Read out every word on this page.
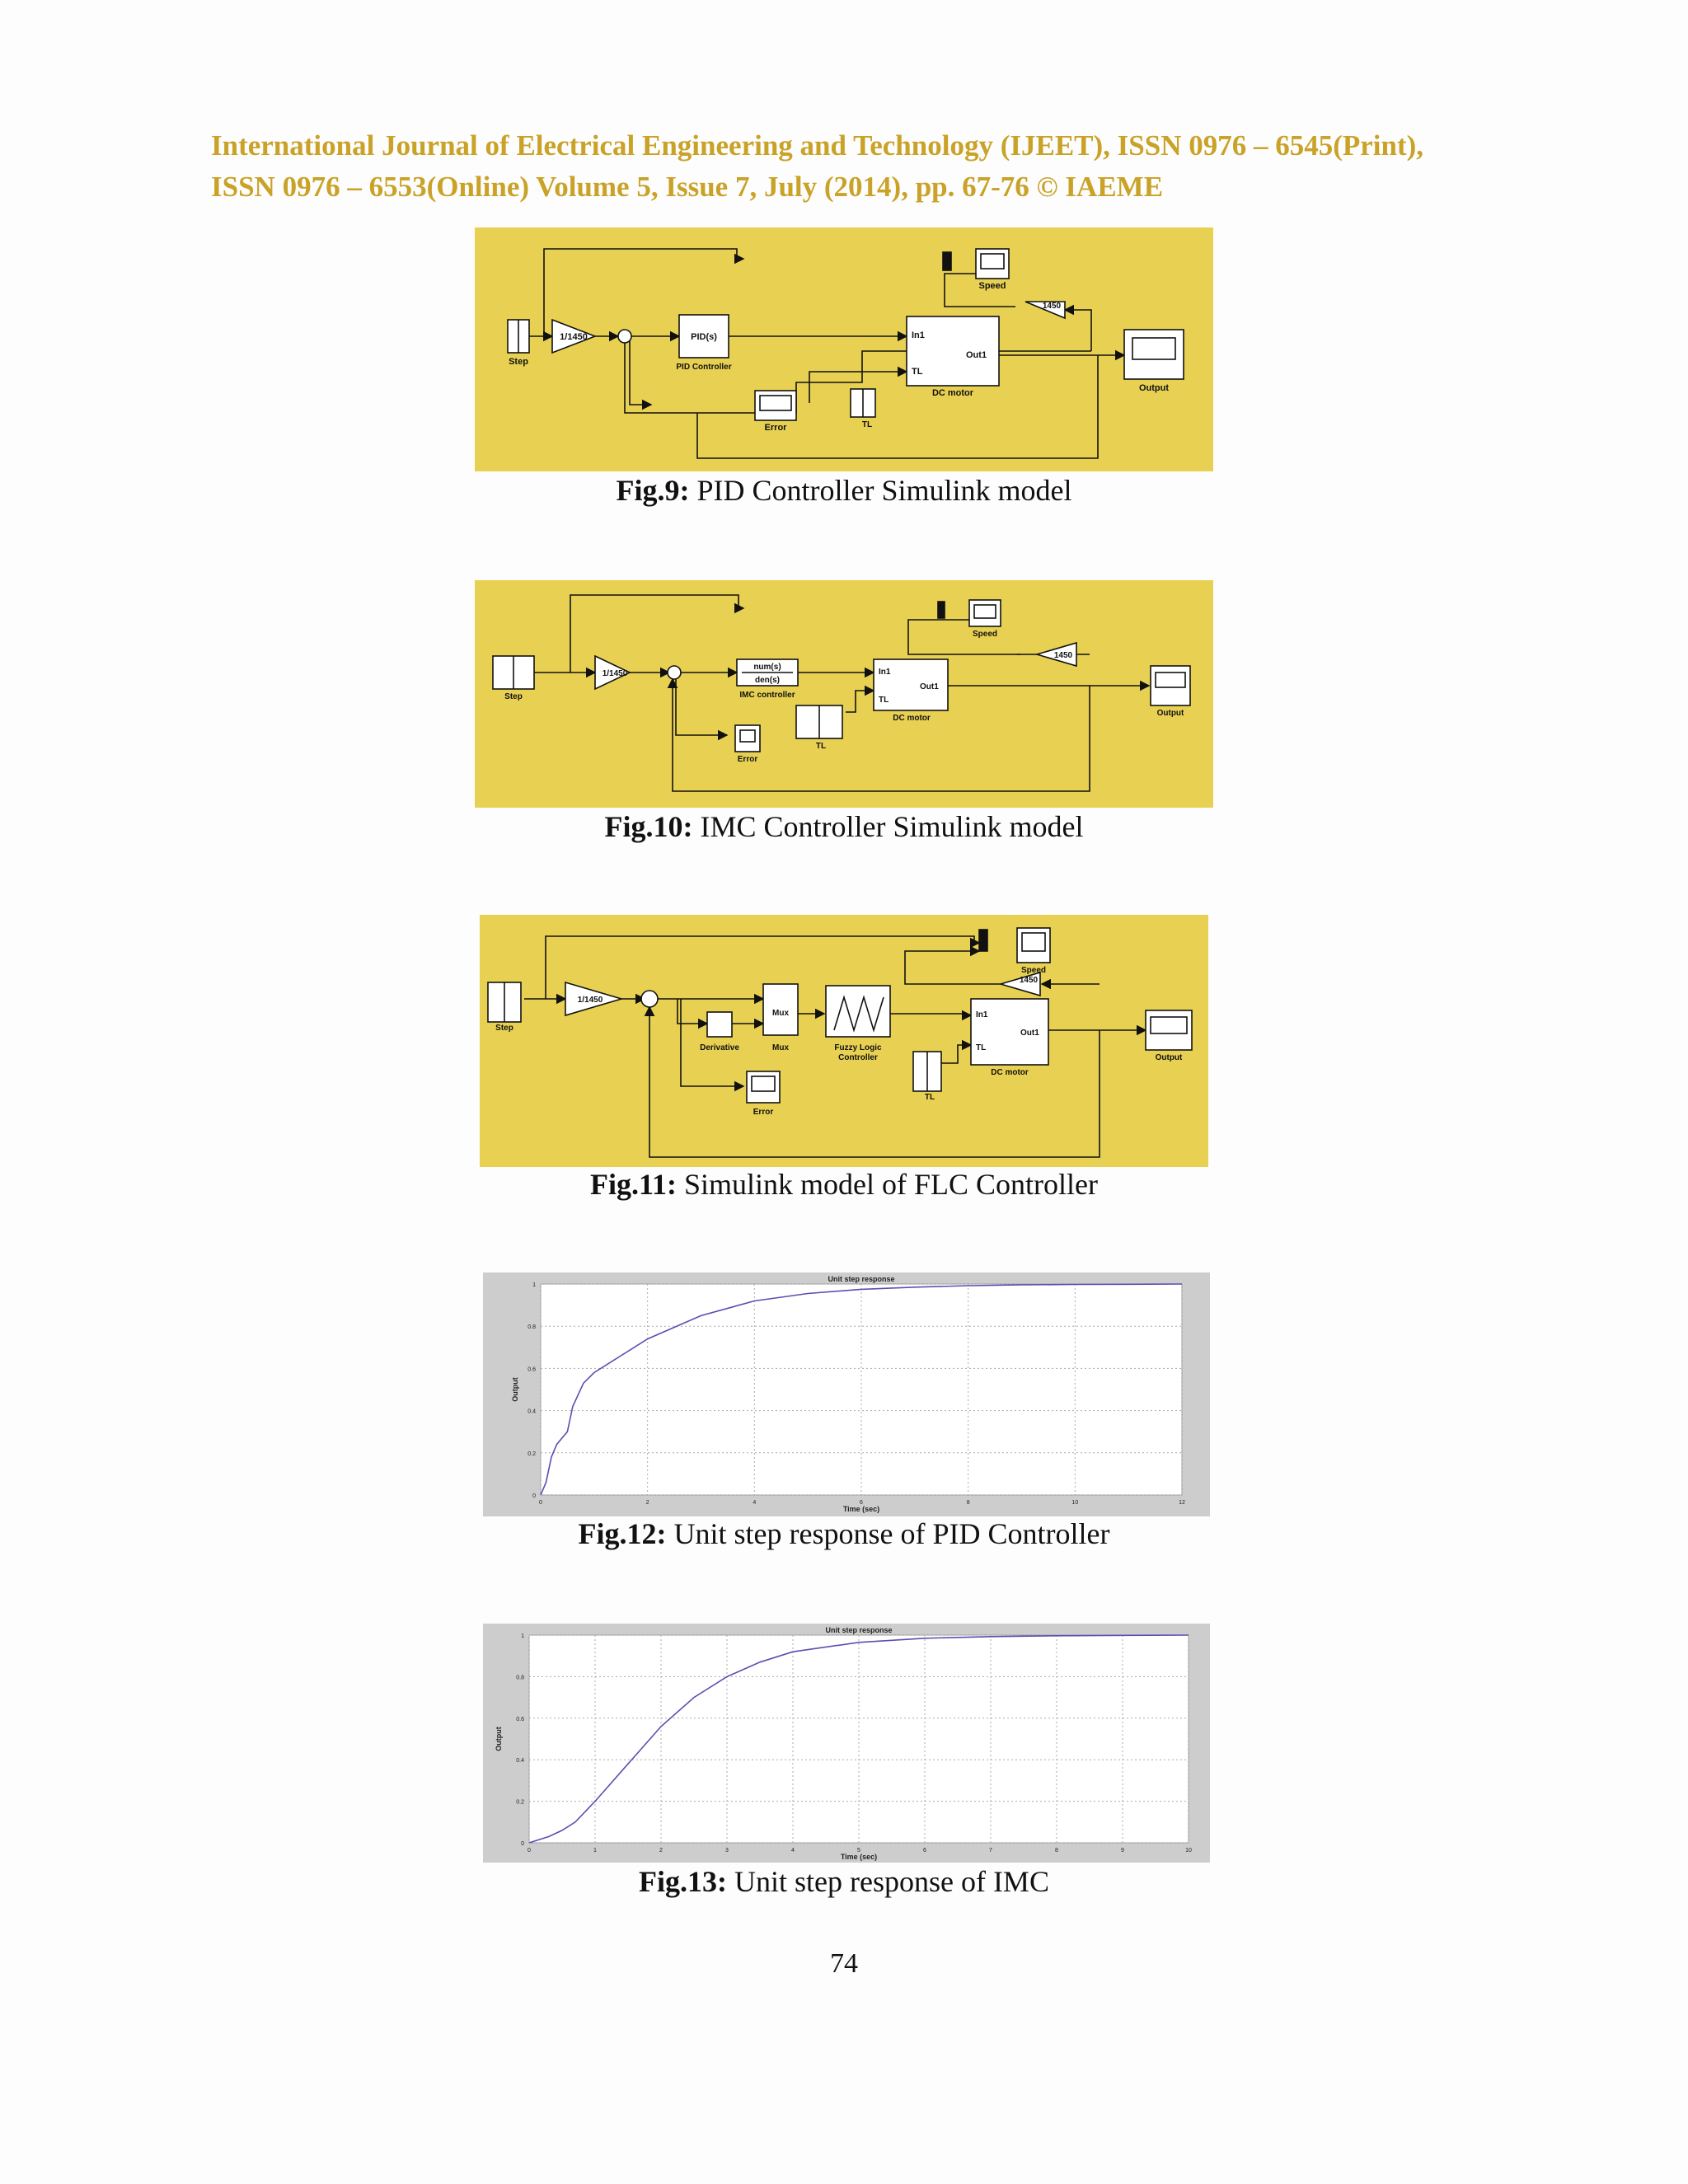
International Journal of Electrical Engineering and Technology (IJEET), ISSN 0976 – 6545(Print),
ISSN 0976 – 6553(Online) Volume 5, Issue 7, July (2014), pp. 67-76 © IAEME
Step
1/1450	PID(s)
PID Controller
In1
Out1
TL
DC motor
1450
Speed
Output
Error	TL
Fig.9: PID Controller Simulink model
Step
1/1450
num(s)
den(s)
IMC controller
In1
Out1
TL
DC motor
1450
Speed
Output
Error
TL
Fig.10: IMC Controller Simulink model
Step
1/1450
Derivative
Mux
Mux	Fuzzy Logic
Controller
In1
Out1
TL
DC motor
1450
Speed
Output
Error
TL
Fig.11: Simulink model of FLC Controller
Unit step response
Time (sec)
Output
0	2	4	6	8	10	12
0
0.2
0.4
0.6
0.8
1
Fig.12: Unit step response of PID Controller
Unit step response
Time (sec)
Output
0	1	2	3	4	5	6	7	8	9	10
0
0.2
0.4
0.6
0.8
1
Fig.13: Unit step response of IMC
74
